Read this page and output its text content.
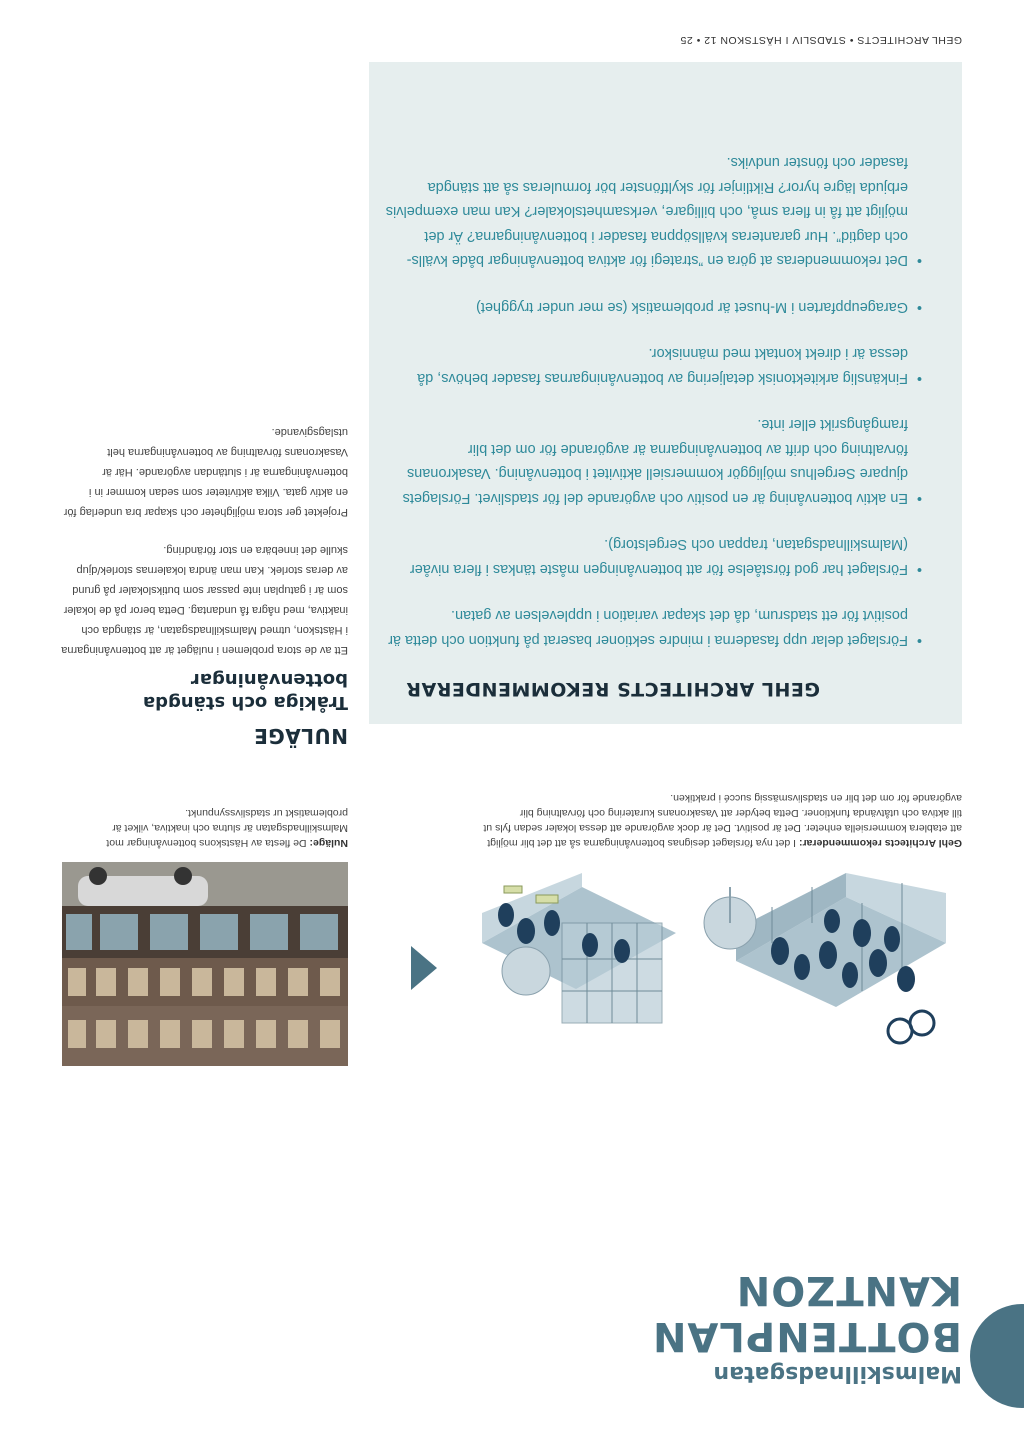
Malmskillnadsgatan
BOTTENPLAN KANTZON
Gehl Architects rekommenderar: I det nya förslaget designas bottenvåningarna så att det blir möjligt att etablera kommersiella enheter. Det är positivt. Det är dock avgörande att dessa lokaler sedan fyls ut till aktiva och utåtvända funktioner. Detta betyder att Vasakronans kuratering och förvaltning blir avgörande för om det blir en stadslivsmässig succé i praktiken.
Nuläge: De flesta av Hästskons bottenvåningar mot Malmskillnadsgatan är slutna och inaktiva, vilket är problematiskt ur stadslivssynpunkt.
GEHL ARCHITECTS REKOMMENDERAR
• Förslaget delar upp fasaderna i mindre sektioner baserat på funktion och detta är positivt för ett stadsrum, då det skapar variation i upplevelsen av gatan.
• Förslaget har god förståelse för att bottenvåningen måste tänkas i flera nivåer (Malmskillnadsgatan, trappan och Sergelstorg).
• En aktiv bottenvåning är en positiv och avgörande del för stadslivet. Förslagets djupare Sergelhus möjliggör kommersiell aktivitet i bottenvåning. Vasakronans förvaltning och drift av bottenvåningarna är avgörande för om det blir framgångsrikt eller inte.
• Finkänslig arkitektonisk detaljering av bottenvåningarnas fasader behövs, då dessa är i direkt kontakt med människor.
• Garageuppfarten i M-huset är problematisk (se mer under trygghet)
• Det rekommenderas at göra en ”strategi för aktiva bottenvåningar både kvälls- och dagtid”. Hur garanteras kvällsöppna fasader i bottenvåningarna? Är det möjligt att få in flera små, och billigare, verksamhetslokaler? Kan man exempelvis erbjuda lägre hyror? Riktlinjer för skyltfönster bör formuleras så att stängda fasader och fönster undviks.
NULÄGE
Tråkiga och stängda bottenvåningar

Ett av de stora problemen i nuläget är att bottenvåningarna i Hästskon, utmed Malmskillnadsgatan, är stängda och inaktiva, med några få undantag. Detta beror på de lokaler som är i gatuplan inte passar som butikslokaler på grund av deras storlek. Kan man ändra lokalernas storlek/djup skulle det innebära en stor förändring.

Projektet ger stora möjligheter och skapar bra underlag för en aktiv gata. Vilka aktiviteter som sedan kommer in i bottenvåningarna är i slutändan avgörande. Här är Vasakronans förvaltning av bottenvåningarna helt utslagsgivande.

GEHL ARCHITECTS • STADSLIV I HÄSTSKON 12 • 25
